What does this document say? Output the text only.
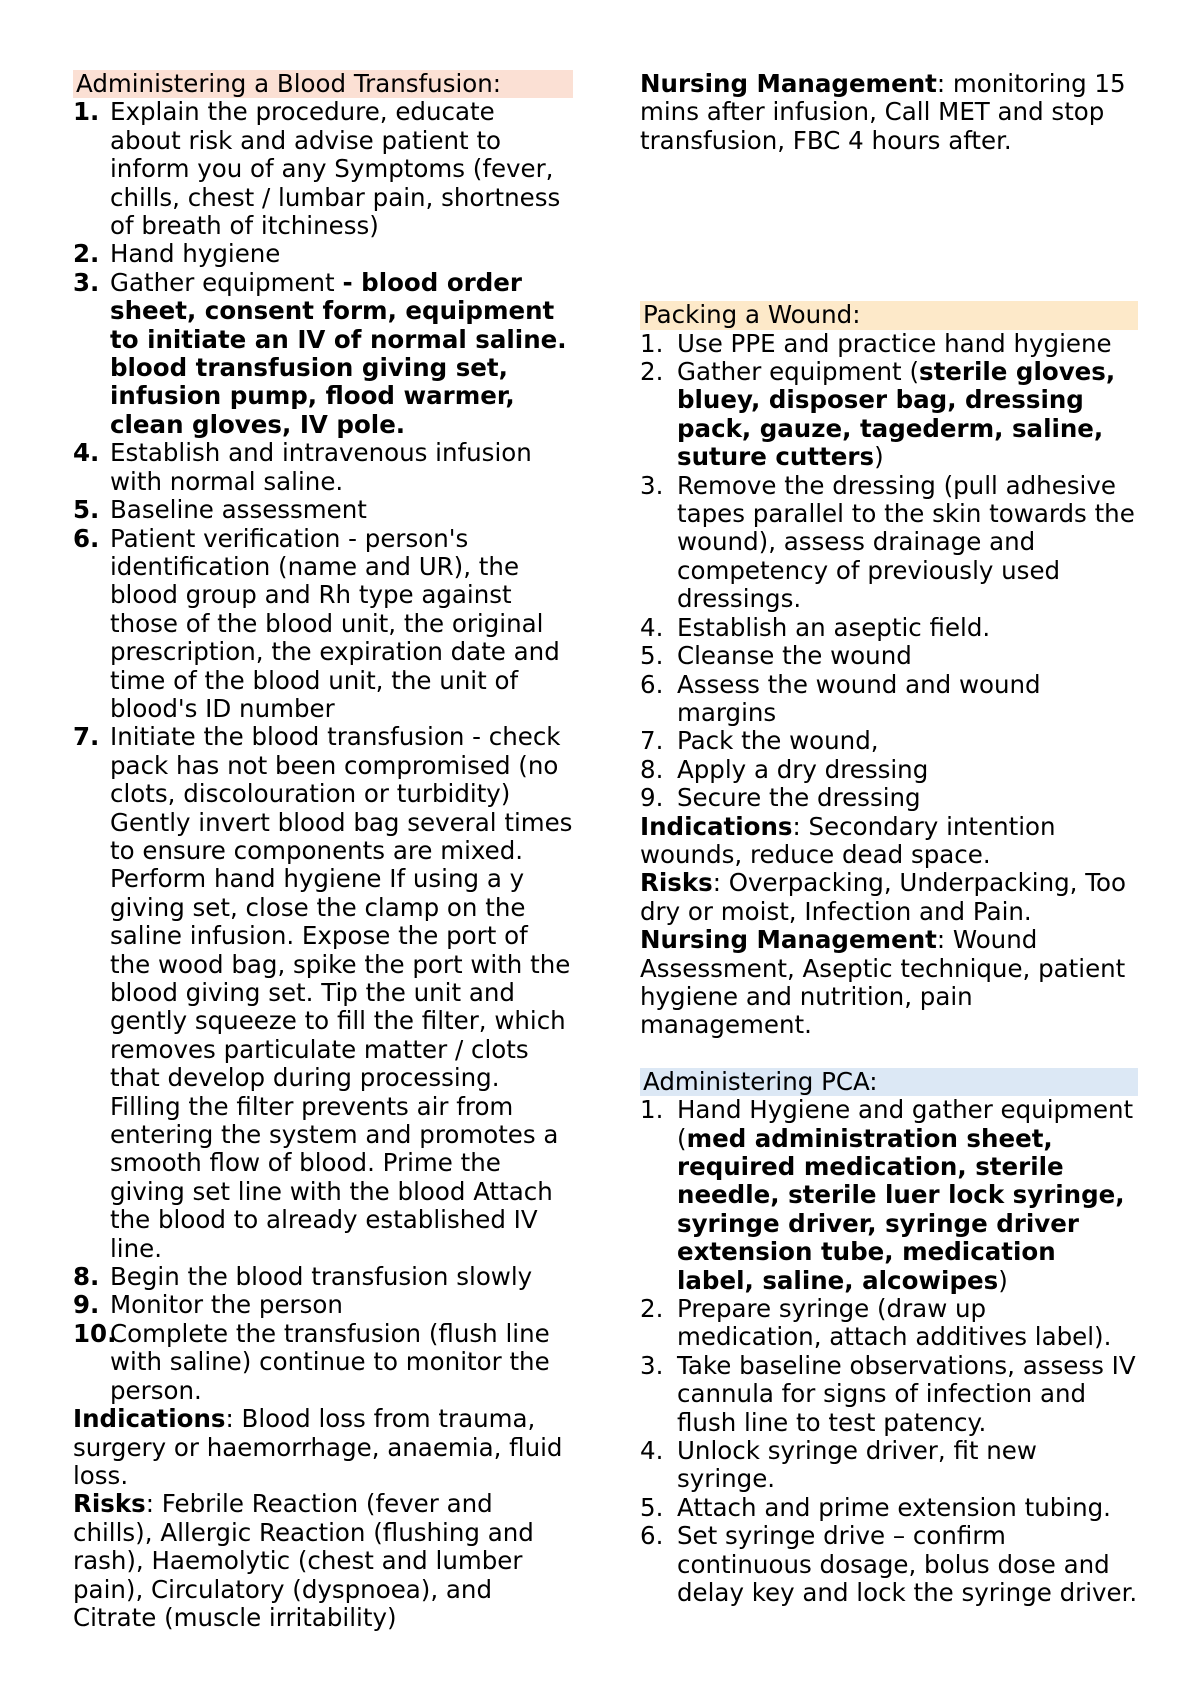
Administering a Blood Transfusion:
1. Explain the procedure, educate about risk and advise patient to inform you of any Symptoms (fever, chills, chest / lumbar pain, shortness of breath of itchiness)
2. Hand hygiene
3. Gather equipment - blood order sheet, consent form, equipment to initiate an IV of normal saline. blood transfusion giving set, infusion pump, flood warmer, clean gloves, IV pole.
4. Establish and intravenous infusion with normal saline.
5. Baseline assessment
6. Patient verification - person's identification (name and UR), the blood group and Rh type against those of the blood unit, the original prescription, the expiration date and time of the blood unit, the unit of blood's ID number
7. Initiate the blood transfusion - check pack has not been compromised (no clots, discolouration or turbidity) Gently invert blood bag several times to ensure components are mixed. Perform hand hygiene If using a y giving set, close the clamp on the saline infusion. Expose the port of the wood bag, spike the port with the blood giving set. Tip the unit and gently squeeze to fill the filter, which removes particulate matter / clots that develop during processing. Filling the filter prevents air from entering the system and promotes a smooth flow of blood. Prime the giving set line with the blood Attach the blood to already established IV line.
8. Begin the blood transfusion slowly
9. Monitor the person
10.
Complete the transfusion (flush line with saline) continue to monitor the person.

Indications: Blood loss from trauma, surgery or haemorrhage, anaemia, fluid loss.

Risks: Febrile Reaction (fever and chills), Allergic Reaction (flushing and rash), Haemolytic (chest and lumber pain), Circulatory (dyspnoea), and Citrate (muscle irritability)

Nursing Management: monitoring 15 mins after infusion, Call MET and stop transfusion, FBC 4 hours after.

Packing a Wound:
1. Use PPE and practice hand hygiene
2. Gather equipment (sterile gloves, bluey, disposer bag, dressing pack, gauze, tagederm, saline, suture cutters)
3. Remove the dressing (pull adhesive tapes parallel to the skin towards the wound), assess drainage and competency of previously used dressings.
4. Establish an aseptic field.
5. Cleanse the wound
6. Assess the wound and wound margins
7. Pack the wound,
8. Apply a dry dressing
9. Secure the dressing

Indications: Secondary intention wounds, reduce dead space.

Risks: Overpacking, Underpacking, Too dry or moist, Infection and Pain.

Nursing Management: Wound Assessment, Aseptic technique, patient hygiene and nutrition, pain management.

Administering PCA:
1. Hand Hygiene and gather equipment (med administration sheet, required medication, sterile needle, sterile luer lock syringe, syringe driver, syringe driver extension tube, medication label, saline, alcowipes)
2. Prepare syringe (draw up medication, attach additives label).
3. Take baseline observations, assess IV cannula for signs of infection and flush line to test patency.
4. Unlock syringe driver, fit new syringe.
5. Attach and prime extension tubing.
6. Set syringe drive – confirm continuous dosage, bolus dose and delay key and lock the syringe driver.
